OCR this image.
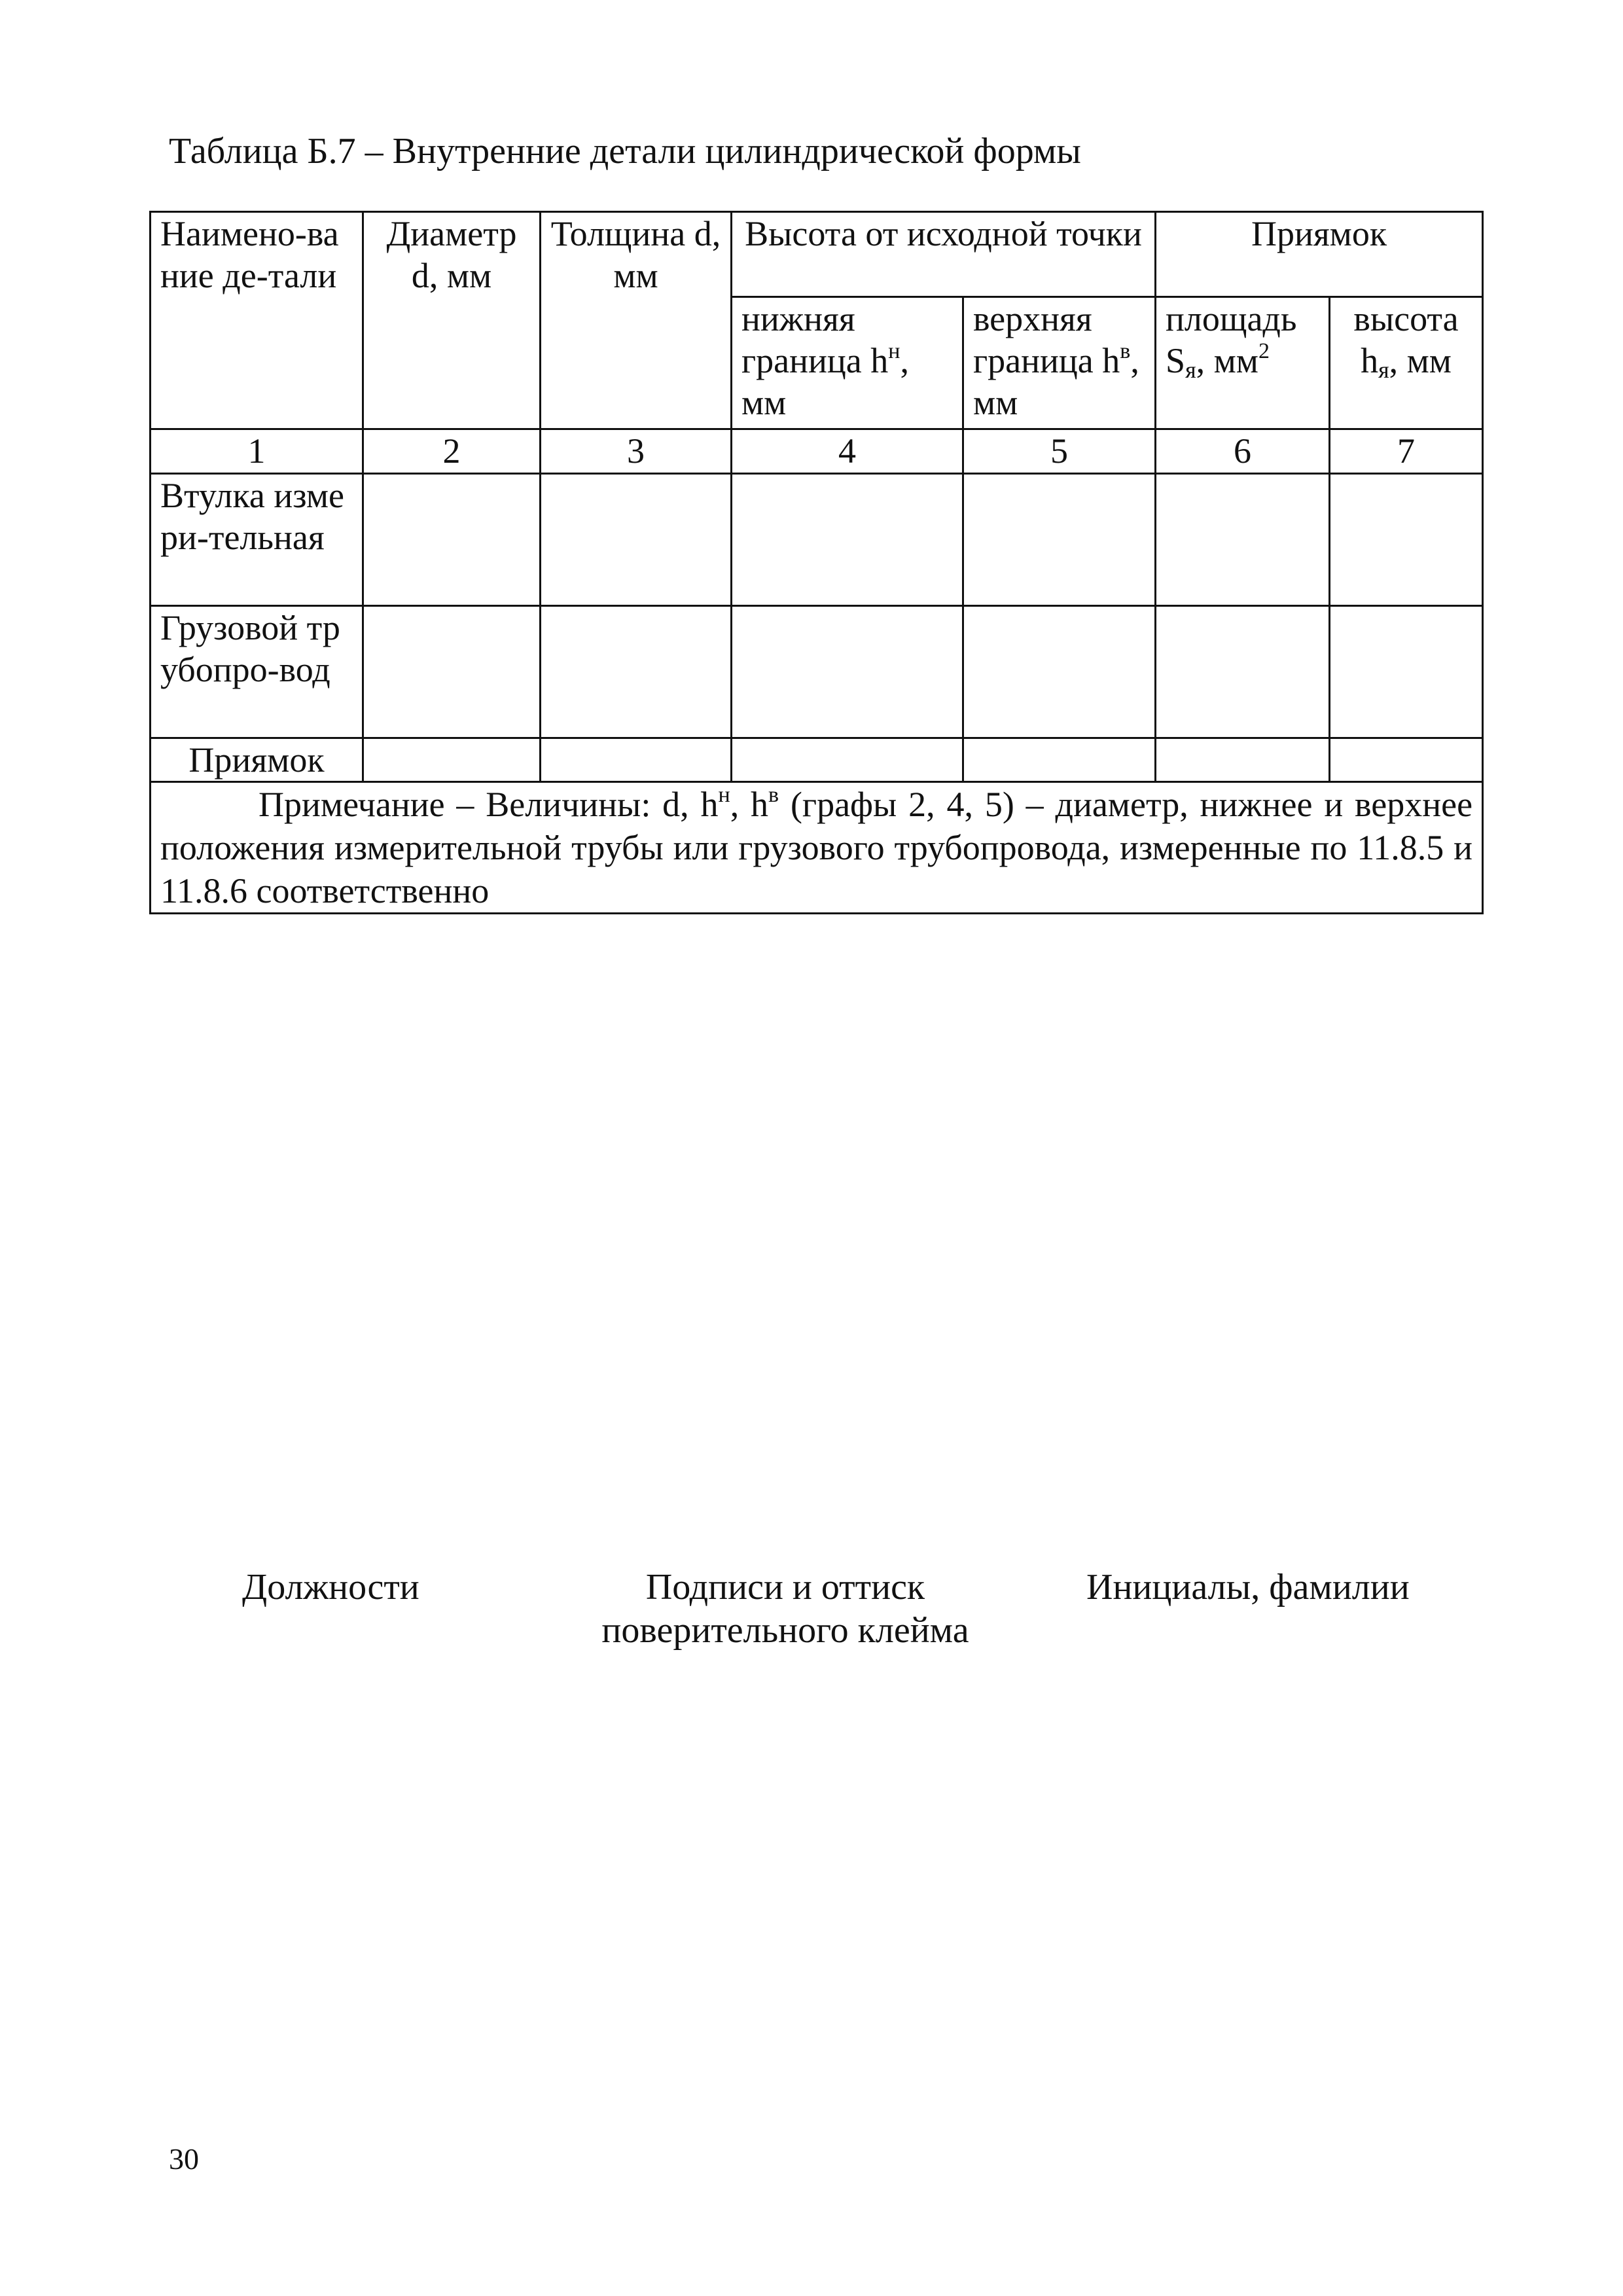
Таблица Б.7 – Внутренние детали цилиндрической формы
Наимено-вание де-тали	Диаметр d, мм	Толщина d, мм	Высота от исходной точки		Приямок	
			нижняя граница $h^н$, мм	верхняя граница $h^в$, мм	площадь $S_я$, $мм^2$	высота $h_я$, мм
1	2	3	4	5	6	7
Втулка измери-тельная						
Грузовой трубопро-вод						
Приямок						
Примечание – Величины: d, $h^н$, $h^в$ (графы 2, 4, 5) – диаметр, нижнее и верхнее положения измерительной трубы или грузового трубопровода, измеренные по 11.8.5 и 11.8.6 соответственно						
Должности	Подписи и оттиск
поверительного клейма
Инициалы, фамилии
30
